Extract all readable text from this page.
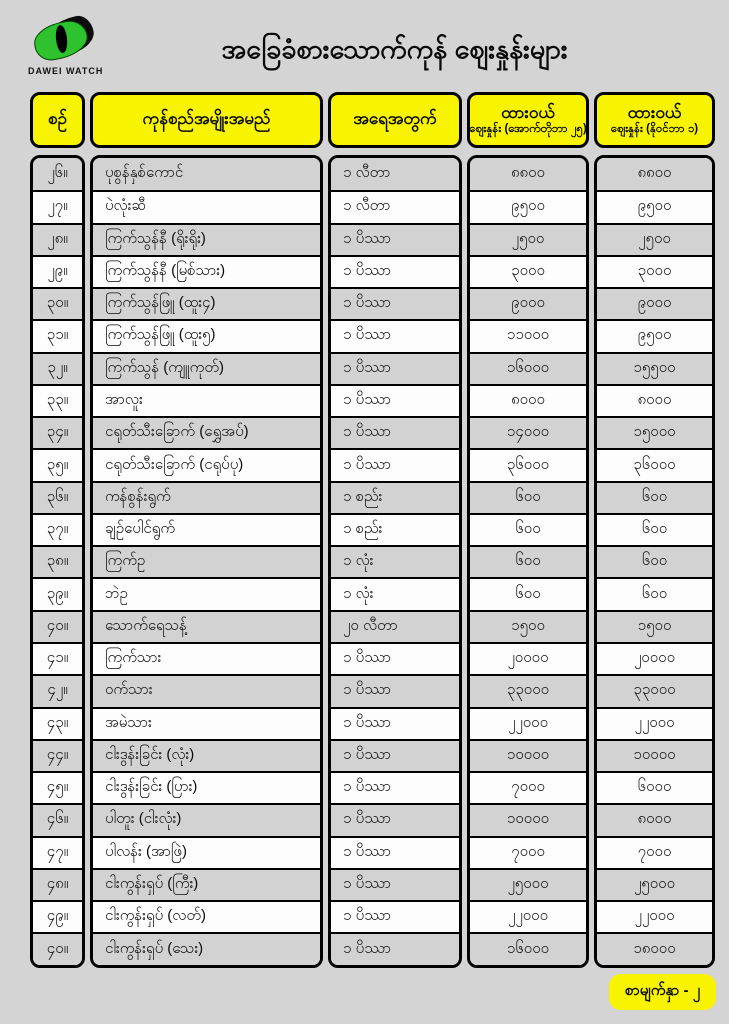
DAWEI WATCH
အခြေခံစားသောက်ကုန် ဈေးနှုန်းများ
စဉ်
၂၆။
၂၇။
၂၈။
၂၉။
၃၀။
၃၁။
၃၂။
၃၃။
၃၄။
၃၅။
၃၆။
၃၇။
၃၈။
၃၉။
၄၀။
၄၁။
၄၂။
၄၃။
၄၄။
၄၅။
၄၆။
၄၇။
၄၈။
၄၉။
၄၀။
ကုန်စည်အမျိုးအမည်
ပုစွန်နှစ်ကောင်
ပဲလုံးဆီ
ကြက်သွန်နီ (ရိုးရိုး)
ကြက်သွန်နီ (မြစ်သား)
ကြက်သွန်ဖြူ (ထူး၄)
ကြက်သွန်ဖြူ (ထူး၅)
ကြက်သွန် (ကျူကုတ်)
အာလူး
ငရုတ်သီးခြောက် (ရွှေအပ်)
ငရုတ်သီးခြောက် (ငရုပ်ပု)
ကန်စွန်းရွက်
ချဉ်ပေါင်ရွက်
ကြက်ဥ
ဘဲဥ
သောက်ရေသန့်
ကြက်သား
ဝက်သား
အမဲသား
ငါးဒွန်းခြင်း (လုံး)
ငါးဒွန်းခြင်း (ပြား)
ပါတူး (ငါးလုံး)
ပါလန်း (အာဖြဲ)
ငါးကွန်းရှပ် (ကြီး)
ငါးကွန်းရှပ် (လတ်)
ငါးကွန်းရှပ် (သေး)
အရေအတွက်
၁ လီတာ
၁ လီတာ
၁ ပိဿာ
၁ ပိဿာ
၁ ပိဿာ
၁ ပိဿာ
၁ ပိဿာ
၁ ပိဿာ
၁ ပိဿာ
၁ ပိဿာ
၁ စည်း
၁ စည်း
၁ လုံး
၁ လုံး
၂၀ လီတာ
၁ ပိဿာ
၁ ပိဿာ
၁ ပိဿာ
၁ ပိဿာ
၁ ပိဿာ
၁ ပိဿာ
၁ ပိဿာ
၁ ပိဿာ
၁ ပိဿာ
၁ ပိဿာ
ထားဝယ်
ဈေးနှုန်း (အောက်တိုဘာ ၂၅)
၈၈၀၀
၉၅၀၀
၂၅၀၀
၃၀၀၀
၉၀၀၀
၁၁၀၀၀
၁၆၀၀၀
၈၀၀၀
၁၄၀၀၀
၃၆၀၀၀
၆၀၀
၆၀၀
၆၀၀
၆၀၀
၁၅၀၀
၂၀၀၀၀
၃၃၀၀၀
၂၂၀၀၀
၁၀၀၀၀
၇၀၀၀
၁၀၀၀၀
၇၀၀၀
၂၅၀၀၀
၂၂၀၀၀
၁၆၀၀၀
ထားဝယ်
ဈေးနှုန်း (နိုဝင်ဘာ ၁)
၈၈၀၀
၉၅၀၀
၂၅၀၀
၃၀၀၀
၉၀၀၀
၉၅၀၀
၁၅၅၀၀
၈၀၀၀
၁၅၀၀၀
၃၆၀၀၀
၆၀၀
၆၀၀
၆၀၀
၆၀၀
၁၅၀၀
၂၀၀၀၀
၃၃၀၀၀
၂၂၀၀၀
၁၀၀၀၀
၆၀၀၀
၈၀၀၀
၇၀၀၀
၂၅၀၀၀
၂၂၀၀၀
၁၈၀၀၀
စာမျက်နှာ - ၂
